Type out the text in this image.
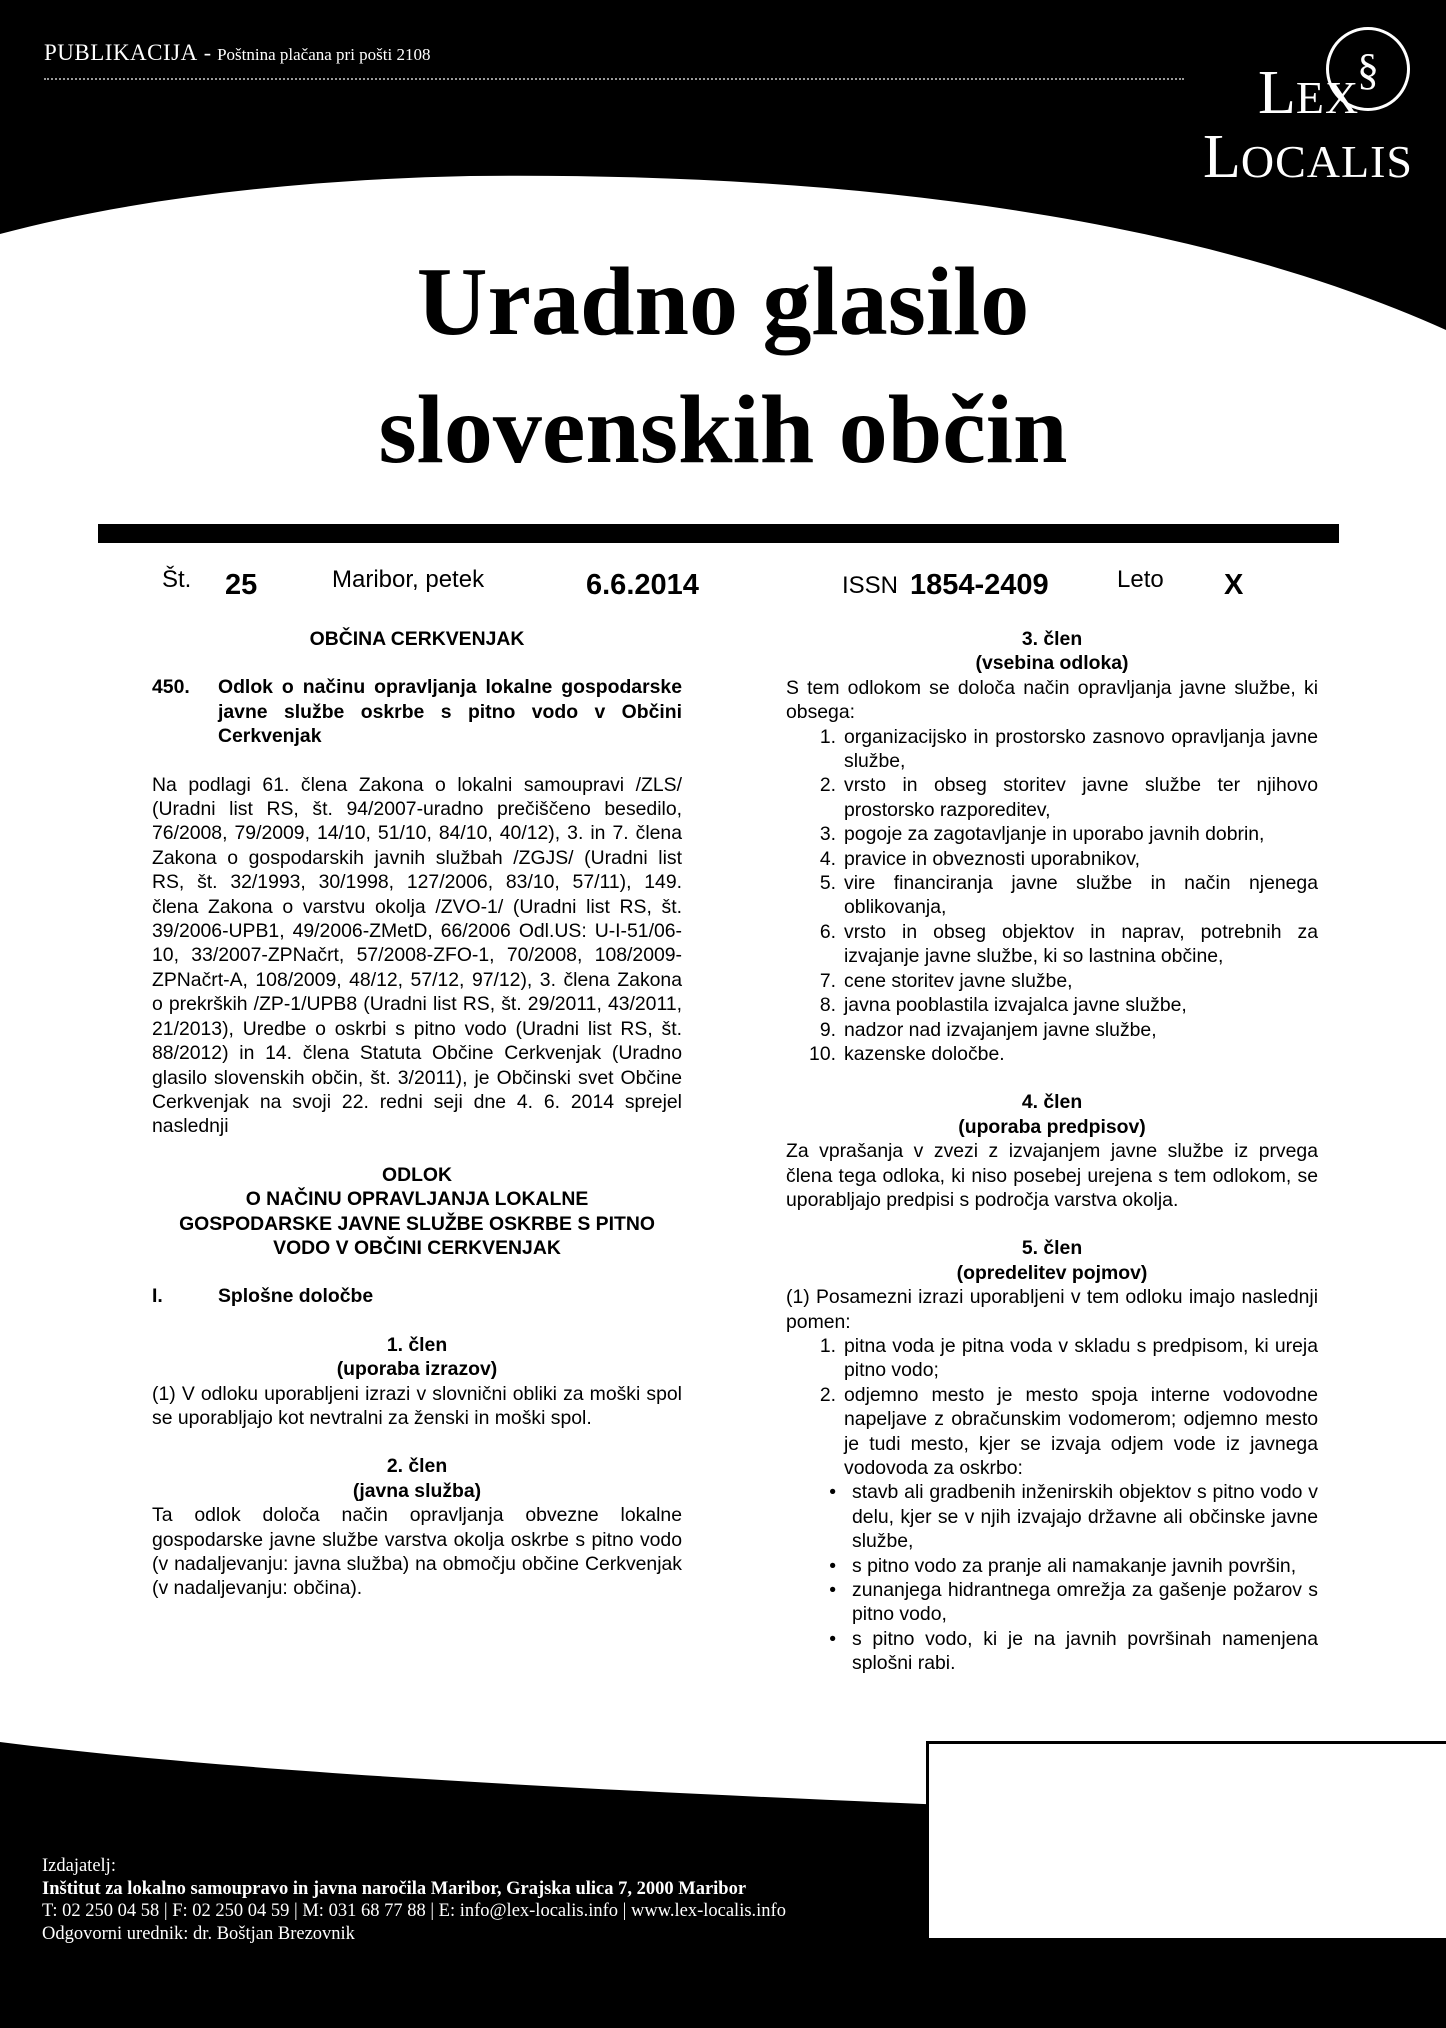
PUBLIKACIJA - Poštnina plačana pri pošti 2108	§
LEX
LOCALIS
Uradno glasilo
slovenskih občin
Št. 25	Maribor, petek	6.6.2014	ISSN 1854-2409	Leto X
OBČINA CERKVENJAK
450.	Odlok o načinu opravljanja lokalne gospodarske javne službe oskrbe s pitno vodo v Občini Cerkvenjak
Na podlagi 61. člena Zakona o lokalni samoupravi /ZLS/ (Uradni list RS, št. 94/2007-uradno prečiščeno besedilo, 76/2008, 79/2009, 14/10, 51/10, 84/10, 40/12), 3. in 7. člena Zakona o gospodarskih javnih službah /ZGJS/ (Uradni list RS, št. 32/1993, 30/1998, 127/2006, 83/10, 57/11), 149. člena Zakona o varstvu okolja /ZVO-1/ (Uradni list RS, št. 39/2006-UPB1, 49/2006-ZMetD, 66/2006 Odl.US: U-I-51/06-10, 33/2007-ZPNačrt, 57/2008-ZFO-1, 70/2008, 108/2009-ZPNačrt-A, 108/2009, 48/12, 57/12, 97/12), 3. člena Zakona o prekrških /ZP-1/UPB8 (Uradni list RS, št. 29/2011, 43/2011, 21/2013), Uredbe o oskrbi s pitno vodo (Uradni list RS, št. 88/2012) in 14. člena Statuta Občine Cerkvenjak (Uradno glasilo slovenskih občin, št. 3/2011), je Občinski svet Občine Cerkvenjak na svoji 22. redni seji dne 4. 6. 2014 sprejel naslednji
ODLOK
O NAČINU OPRAVLJANJA LOKALNE
GOSPODARSKE JAVNE SLUŽBE OSKRBE S PITNO
VODO V OBČINI CERKVENJAK
I.	Splošne določbe
1. člen
(uporaba izrazov)
(1) V odloku uporabljeni izrazi v slovnični obliki za moški spol se uporabljajo kot nevtralni za ženski in moški spol.
2. člen
(javna služba)
Ta odlok določa način opravljanja obvezne lokalne gospodarske javne službe varstva okolja oskrbe s pitno vodo (v nadaljevanju: javna služba) na območju občine Cerkvenjak (v nadaljevanju: občina).
3. člen
(vsebina odloka)
S tem odlokom se določa način opravljanja javne službe, ki obsega:
1. organizacijsko in prostorsko zasnovo opravljanja javne službe,
2. vrsto in obseg storitev javne službe ter njihovo prostorsko razporeditev,
3. pogoje za zagotavljanje in uporabo javnih dobrin,
4. pravice in obveznosti uporabnikov,
5. vire financiranja javne službe in način njenega oblikovanja,
6. vrsto in obseg objektov in naprav, potrebnih za izvajanje javne službe, ki so lastnina občine,
7. cene storitev javne službe,
8. javna pooblastila izvajalca javne službe,
9. nadzor nad izvajanjem javne službe,
10. kazenske določbe.
4. člen
(uporaba predpisov)
Za vprašanja v zvezi z izvajanjem javne službe iz prvega člena tega odloka, ki niso posebej urejena s tem odlokom, se uporabljajo predpisi s področja varstva okolja.
5. člen
(opredelitev pojmov)
(1) Posamezni izrazi uporabljeni v tem odloku imajo naslednji pomen:
1. pitna voda je pitna voda v skladu s predpisom, ki ureja pitno vodo;
2. odjemno mesto je mesto spoja interne vodovodne napeljave z obračunskim vodomerom; odjemno mesto je tudi mesto, kjer se izvaja odjem vode iz javnega vodovoda za oskrbo:
• stavb ali gradbenih inženirskih objektov s pitno vodo v delu, kjer se v njih izvajajo državne ali občinske javne službe,
• s pitno vodo za pranje ali namakanje javnih površin,
• zunanjega hidrantnega omrežja za gašenje požarov s pitno vodo,
• s pitno vodo, ki je na javnih površinah namenjena splošni rabi.
Izdajatelj:
Inštitut za lokalno samoupravo in javna naročila Maribor, Grajska ulica 7, 2000 Maribor
T: 02 250 04 58 | F: 02 250 04 59 | M: 031 68 77 88 | E: info@lex-localis.info | www.lex-localis.info
Odgovorni urednik: dr. Boštjan Brezovnik
